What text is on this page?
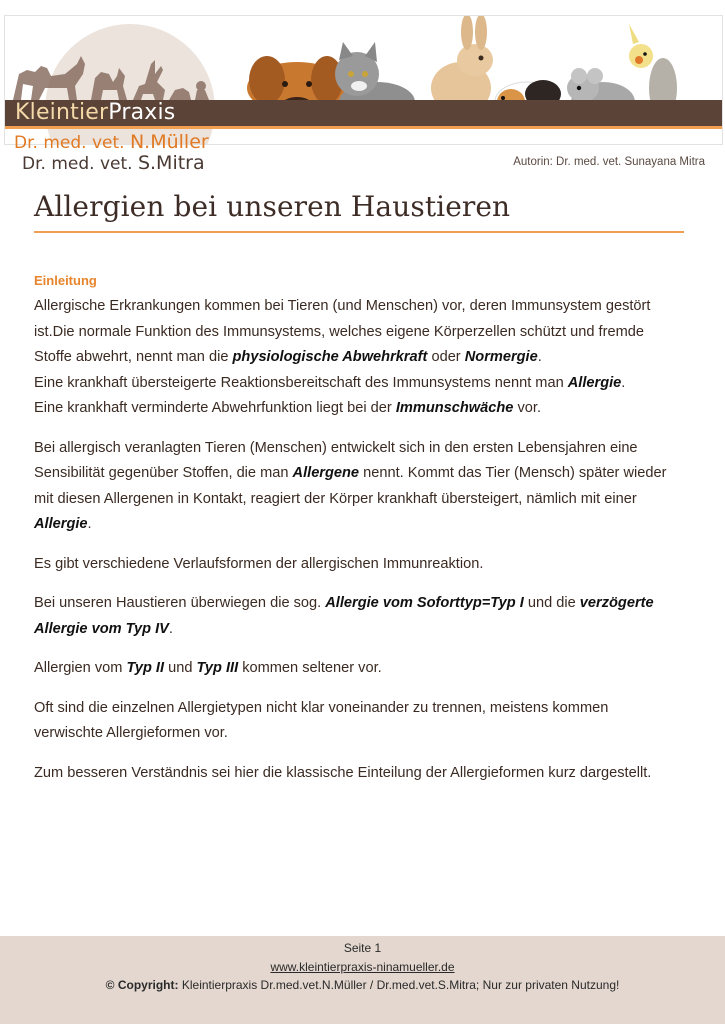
KleintierPraxis
Dr. med. vet. N.Müller
Dr. med. vet. S.Mitra	Autorin: Dr. med. vet. Sunayana Mitra
Allergien bei unseren Haustieren
Einleitung
Allergische Erkrankungen kommen bei Tieren (und Menschen) vor, deren Immunsystem gestört
ist.Die normale Funktion des Immunsystems, welches eigene Körperzellen schützt und fremde
Stoffe abwehrt, nennt man die physiologische Abwehrkraft oder Normergie.
Eine krankhaft übersteigerte Reaktionsbereitschaft des Immunsystems nennt man Allergie.
Eine krankhaft verminderte Abwehrfunktion liegt bei der Immunschwäche vor.
Bei allergisch veranlagten Tieren (Menschen) entwickelt sich in den ersten Lebensjahren eine
Sensibilität gegenüber Stoffen, die man Allergene nennt. Kommt das Tier (Mensch) später wieder
mit diesen Allergenen in Kontakt, reagiert der Körper krankhaft übersteigert, nämlich mit einer
Allergie.
Es gibt verschiedene Verlaufsformen der allergischen Immunreaktion.
Bei unseren Haustieren überwiegen die sog. Allergie vom Soforttyp=Typ I und die verzögerte
Allergie vom Typ IV.
Allergien vom Typ II und Typ III kommen seltener vor.
Oft sind die einzelnen Allergietypen nicht klar voneinander zu trennen, meistens kommen
verwischte Allergieformen vor.
Zum besseren Verständnis sei hier die klassische Einteilung der Allergieformen kurz dargestellt.
Seite 1
www.kleintierpraxis-ninamueller.de
© Copyright: Kleintierpraxis Dr.med.vet.N.Müller / Dr.med.vet.S.Mitra; Nur zur privaten Nutzung!
